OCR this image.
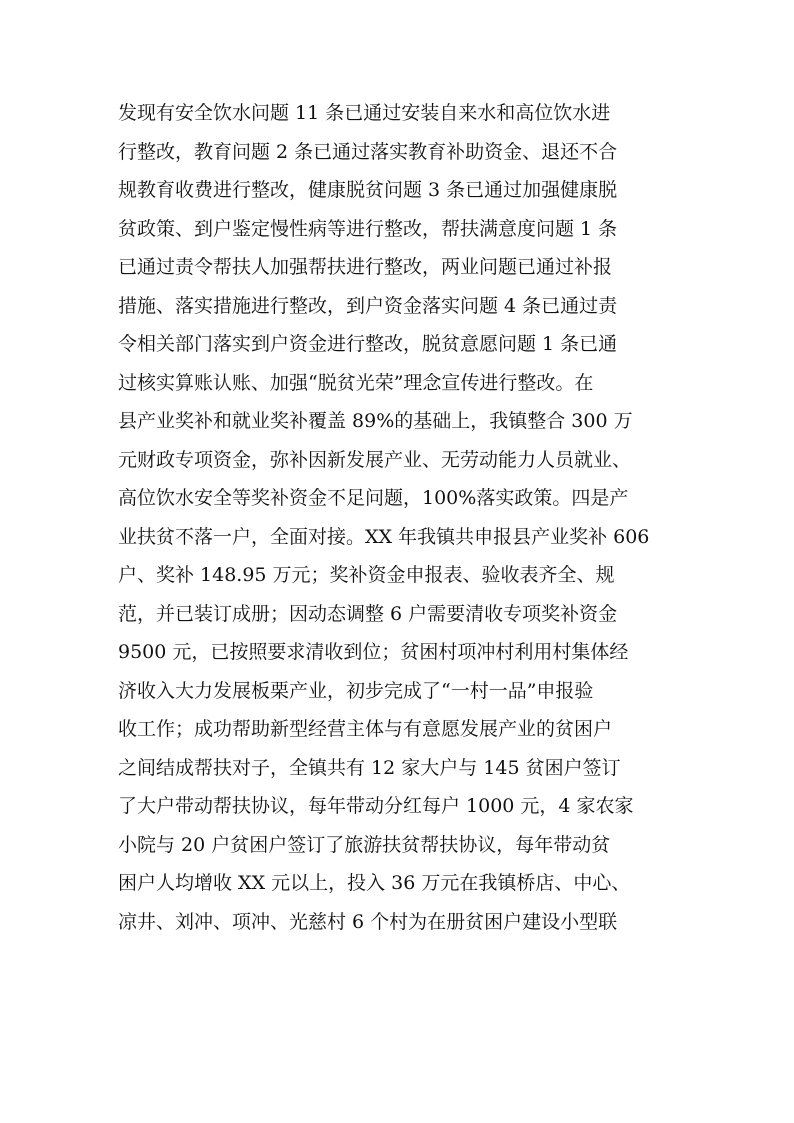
发现有安全饮水问题 11 条已通过安装自来水和高位饮水进
行整改，教育问题 2 条已通过落实教育补助资金、退还不合
规教育收费进行整改，健康脱贫问题 3 条已通过加强健康脱
贫政策、到户鉴定慢性病等进行整改，帮扶满意度问题 1 条
已通过责令帮扶人加强帮扶进行整改，两业问题已通过补报
措施、落实措施进行整改，到户资金落实问题 4 条已通过责
令相关部门落实到户资金进行整改，脱贫意愿问题 1 条已通
过核实算账认账、加强“脱贫光荣”理念宣传进行整改。在
县产业奖补和就业奖补覆盖 89%的基础上，我镇整合 300 万
元财政专项资金，弥补因新发展产业、无劳动能力人员就业、
高位饮水安全等奖补资金不足问题，100%落实政策。四是产
业扶贫不落一户，全面对接。XX 年我镇共申报县产业奖补 606
户、奖补 148.95 万元；奖补资金申报表、验收表齐全、规
范，并已装订成册；因动态调整 6 户需要清收专项奖补资金
9500 元，已按照要求清收到位；贫困村项冲村利用村集体经
济收入大力发展板栗产业，初步完成了“一村一品”申报验
收工作；成功帮助新型经营主体与有意愿发展产业的贫困户
之间结成帮扶对子，全镇共有 12 家大户与 145 贫困户签订
了大户带动帮扶协议，每年带动分红每户 1000 元，4 家农家
小院与 20 户贫困户签订了旅游扶贫帮扶协议，每年带动贫
困户人均增收 XX 元以上，投入 36 万元在我镇桥店、中心、
凉井、刘冲、项冲、光慈村 6 个村为在册贫困户建设小型联
